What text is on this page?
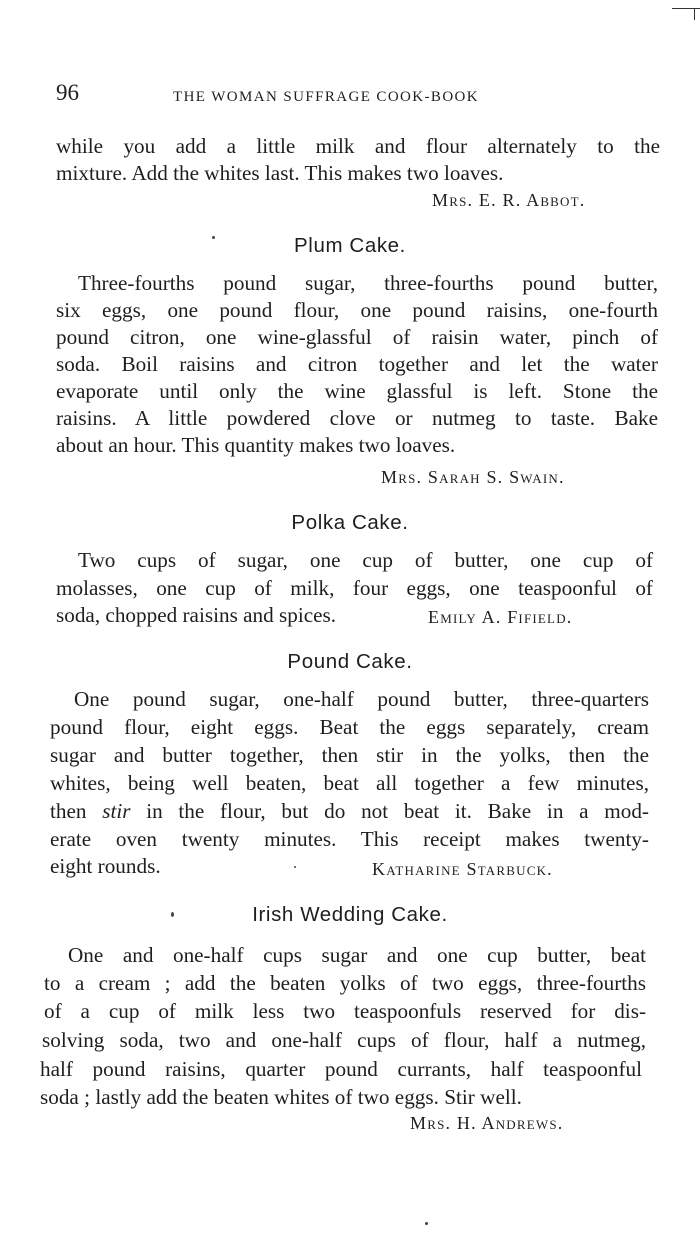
96	THE WOMAN SUFFRAGE COOK-BOOK
while you add a little milk and flour alternately to the
mixture. Add the whites last. This makes two loaves.
Mrs. E. R. Abbot.
Plum Cake.
Three-fourths pound sugar, three-fourths pound butter,
six eggs, one pound flour, one pound raisins, one-fourth
pound citron, one wine-glassful of raisin water, pinch of
soda. Boil raisins and citron together and let the water
evaporate until only the wine glassful is left. Stone the
raisins. A little powdered clove or nutmeg to taste. Bake
about an hour. This quantity makes two loaves.
Mrs. Sarah S. Swain.
Polka Cake.
Two cups of sugar, one cup of butter, one cup of
molasses, one cup of milk, four eggs, one teaspoonful of
soda, chopped raisins and spices.	Emily A. Fifield.
Pound Cake.
One pound sugar, one-half pound butter, three-quarters
pound flour, eight eggs. Beat the eggs separately, cream
sugar and butter together, then stir in the yolks, then the
whites, being well beaten, beat all together a few minutes,
then stir in the flour, but do not beat it. Bake in a mod-
erate oven twenty minutes. This receipt makes twenty-
eight rounds.	Katharine Starbuck.
Irish Wedding Cake.
One and one-half cups sugar and one cup butter, beat
to a cream ; add the beaten yolks of two eggs, three-fourths
of a cup of milk less two teaspoonfuls reserved for dis-
solving soda, two and one-half cups of flour, half a nutmeg,
half pound raisins, quarter pound currants, half teaspoonful
soda ; lastly add the beaten whites of two eggs. Stir well.
Mrs. H. Andrews.
